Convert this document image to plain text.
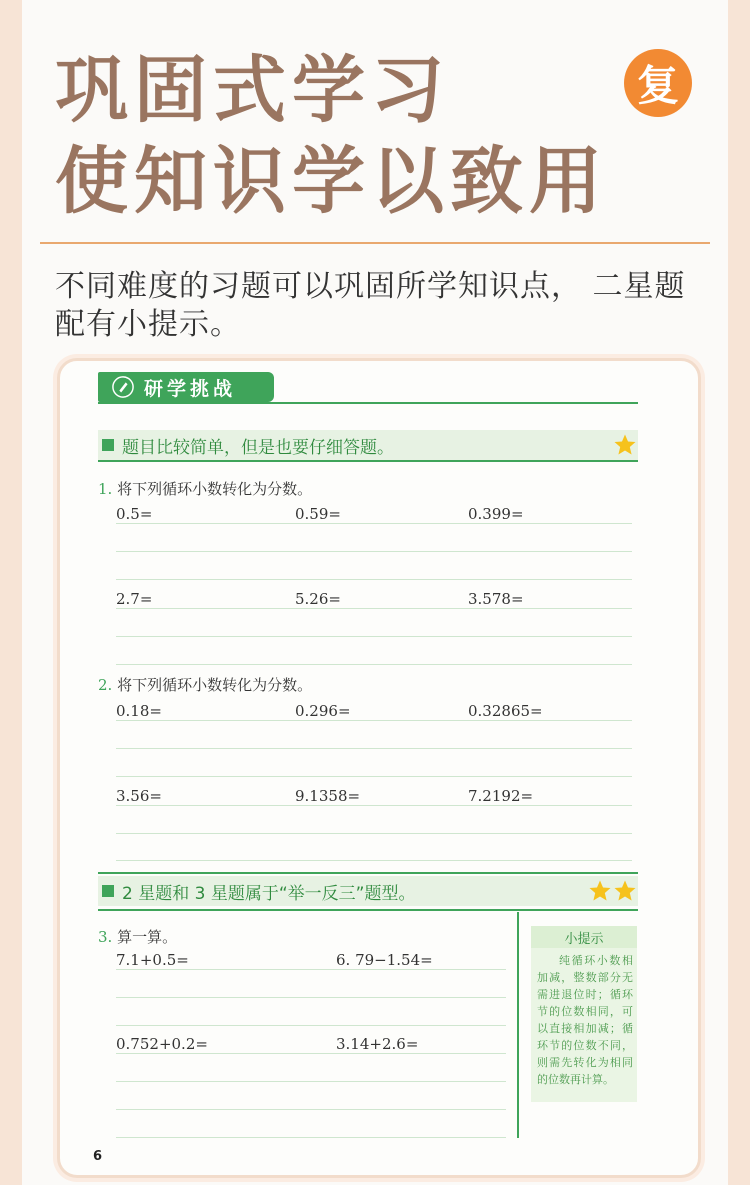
巩固式学习
使知识学以致用
复
不同难度的习题可以巩固所学知识点， 二星题配有小提示。
研学挑战
题目比较简单，但是也要仔细答题。
1. 将下列循环小数转化为分数。
0.5=	0.59=	0.399=
2.7=	5.26=	3.578=
2. 将下列循环小数转化为分数。
0.18=	0.296=	0.32865=
3.56=	9.1358=	7.2192=
2 星题和 3 星题属于“举一反三”题型。
3. 算一算。
7.1+0.5=	6. 79−1.54=
0.752+0.2=	3.14+2.6=
小提示
纯循环小数相加减，整数部分无需进退位时；循环节的位数相同，可以直接相加减；循环节的位数不同，则需先转化为相同的位数再计算。
6
